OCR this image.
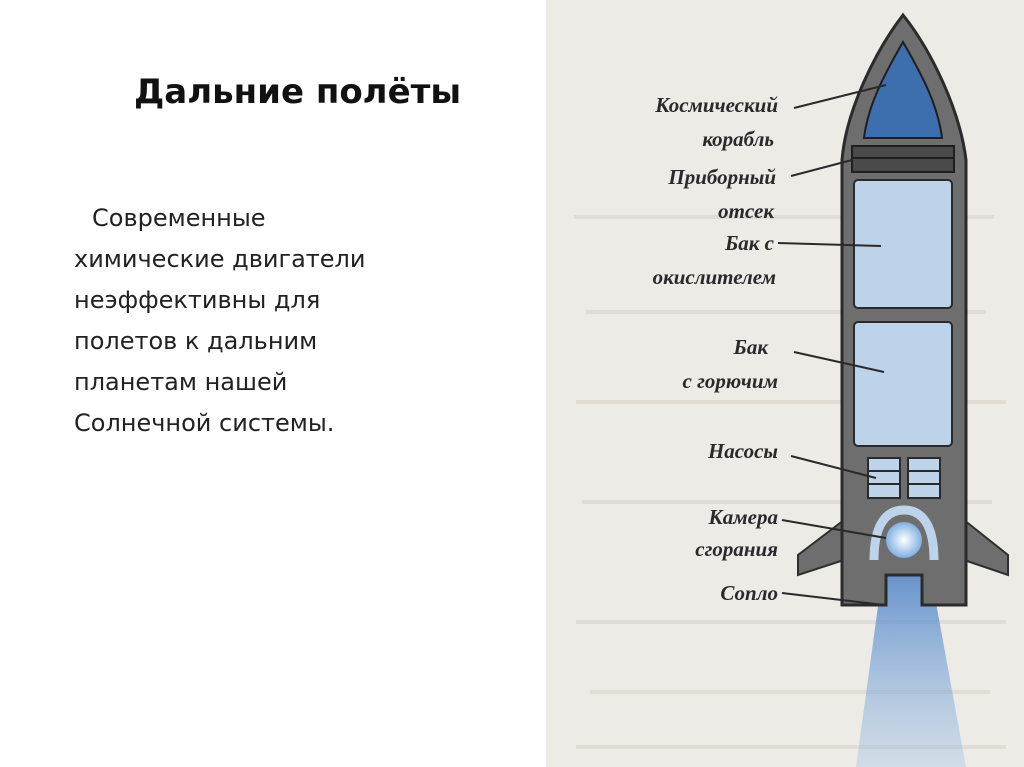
Дальние полёты
Современные химические двигатели неэффективны для полетов к дальним планетам нашей Солнечной системы.
Космический
корабль
Приборный
отсек
Бак с
окислителем
Бак
с горючим
Насосы
Камера
сгорания
Сопло
